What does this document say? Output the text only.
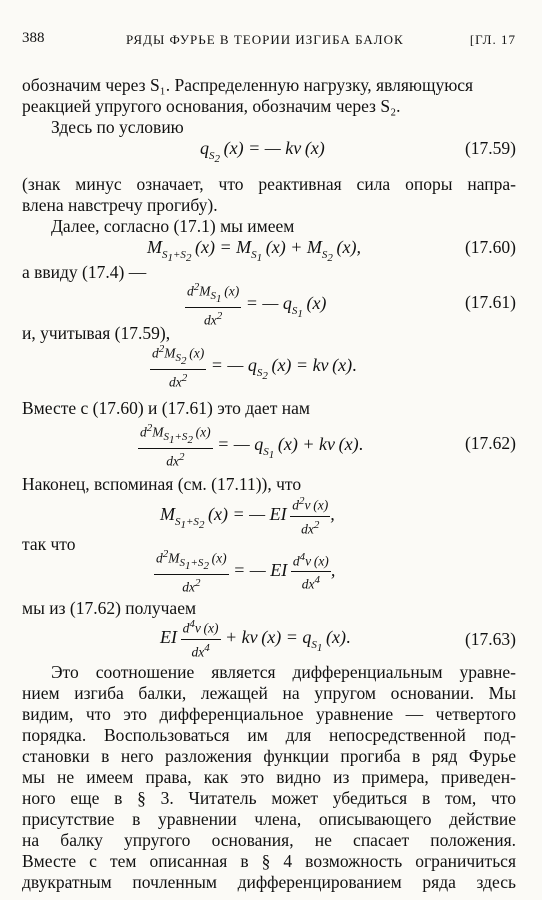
388	РЯДЫ ФУРЬЕ В ТЕОРИИ ИЗГИБА БАЛОК	[ГЛ. 17
обозначим через S₁. Распределенную нагрузку, являющуюся
реакцией упругого основания, обозначим через S₂.
Здесь по условию
$q_{S_2}$ (x) = — kv (x)	(17.59)
(знак минус означает, что реактивная сила опоры напра-
влена навстречу прогибу).
Далее, согласно (17.1) мы имеем
$M_{S_1+S_2}$ $(x) = M_{S_1}$ $(x) + M_{S_2}$ (x),	(17.60)
а ввиду (17.4) —
$\frac{d^2M_{S_1} (x)}{dx^2}$ = — $q_{S_1}$ (x)	(17.61)
и, учитывая (17.59),
$\frac{d^2M_{S_2} (x)}{dx^2}$ = — $q_{S_2}$ (x) = kv (x).
Вместе с (17.60) и (17.61) это дает нам
$\frac{d^2M_{S_1+S_2} (x)}{dx^2}$ = — $q_{S_1}$ (x) + kv (x).	(17.62)
Наконец, вспоминая (см. (17.11)), что
$M_{S_1+S_2}$ (x) = — EI  $\frac{d^2v (x)}{dx^2}$ ,
так что
$\frac{d^2M_{S_1+S_2} (x)}{dx^2}$ = — EI  $\frac{d^4v (x)}{dx^4}$ ,
мы из (17.62) получаем
EI  $\frac{d^4v (x)}{dx^4}$ + kv $(x) = q_{S_1}$ (x).	(17.63)
Это соотношение является дифференциальным уравне-
нием изгиба балки, лежащей на упругом основании. Мы
видим, что это дифференциальное уравнение — четвертого
порядка. Воспользоваться им для непосредственной под-
становки в него разложения функции прогиба в ряд Фурье
мы не имеем права, как это видно из примера, приведен-
ного еще в § 3. Читатель может убедиться в том, что
присутствие в уравнении члена, описывающего действие
на балку упругого основания, не спасает положения.
Вместе с тем описанная в § 4 возможность ограничиться
двукратным почленным дифференцированием ряда здесь
